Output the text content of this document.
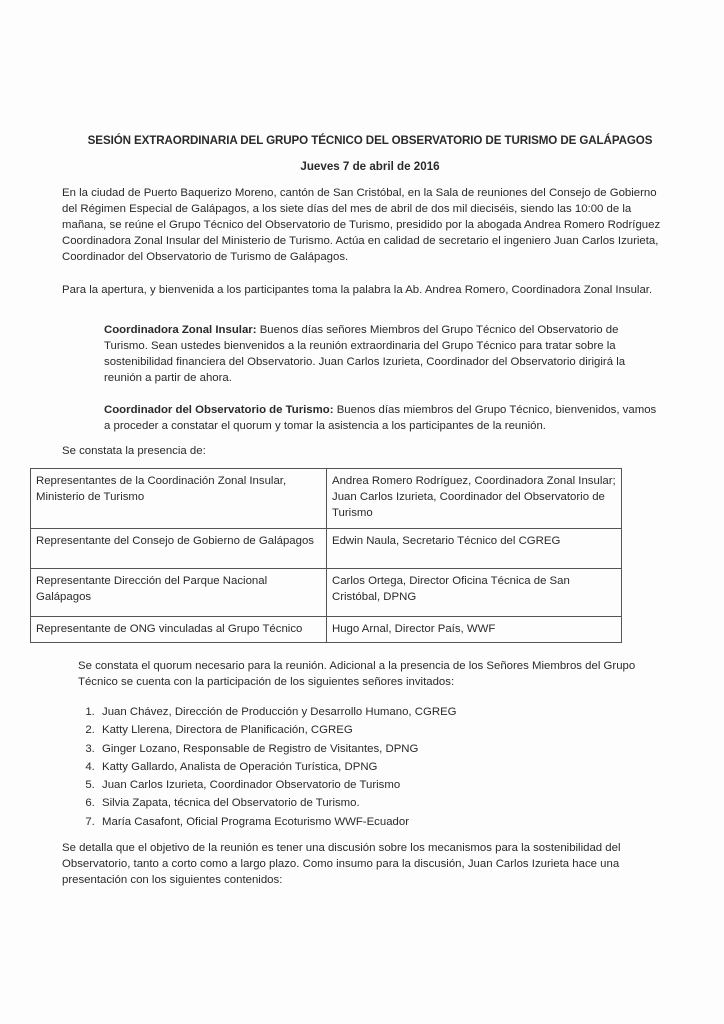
SESIÓN EXTRAORDINARIA DEL GRUPO TÉCNICO DEL OBSERVATORIO DE TURISMO DE GALÁPAGOS
Jueves 7 de abril de 2016

En la ciudad de Puerto Baquerizo Moreno, cantón de San Cristóbal, en la Sala de reuniones del Consejo de Gobierno del Régimen Especial de Galápagos, a los siete días del mes de abril de dos mil dieciséis, siendo las 10:00 de la mañana, se reúne el Grupo Técnico del Observatorio de Turismo, presidido por la abogada Andrea Romero Rodríguez Coordinadora Zonal Insular del Ministerio de Turismo. Actúa en calidad de secretario el ingeniero Juan Carlos Izurieta, Coordinador del Observatorio de Turismo de Galápagos.

Para la apertura, y bienvenida a los participantes toma la palabra la Ab. Andrea Romero, Coordinadora Zonal Insular.

Coordinadora Zonal Insular: Buenos días señores Miembros del Grupo Técnico del Observatorio de Turismo. Sean ustedes bienvenidos a la reunión extraordinaria del Grupo Técnico para tratar sobre la sostenibilidad financiera del Observatorio. Juan Carlos Izurieta, Coordinador del Observatorio dirigirá la reunión a partir de ahora.

Coordinador del Observatorio de Turismo: Buenos días miembros del Grupo Técnico, bienvenidos, vamos a proceder a constatar el quorum y tomar la asistencia a los participantes de la reunión.

Se constata la presencia de:

Representantes de la Coordinación Zonal Insular, Ministerio de Turismo	Andrea Romero Rodríguez, Coordinadora Zonal Insular; Juan Carlos Izurieta, Coordinador del Observatorio de Turismo
Representante del Consejo de Gobierno de Galápagos	Edwin Naula, Secretario Técnico del CGREG
Representante Dirección del Parque Nacional Galápagos	Carlos Ortega, Director Oficina Técnica de San Cristóbal, DPNG
Representante de ONG vinculadas al Grupo Técnico	Hugo Arnal, Director País, WWF

Se constata el quorum necesario para la reunión. Adicional a la presencia de los Señores Miembros del Grupo Técnico se cuenta con la participación de los siguientes señores invitados:

1. Juan Chávez, Dirección de Producción y Desarrollo Humano, CGREG
2. Katty Llerena, Directora de Planificación, CGREG
3. Ginger Lozano, Responsable de Registro de Visitantes, DPNG
4. Katty Gallardo, Analista de Operación Turística, DPNG
5. Juan Carlos Izurieta, Coordinador Observatorio de Turismo
6. Silvia Zapata, técnica del Observatorio de Turismo.
7. María Casafont, Oficial Programa Ecoturismo WWF-Ecuador

Se detalla que el objetivo de la reunión es tener una discusión sobre los mecanismos para la sostenibilidad del Observatorio, tanto a corto como a largo plazo. Como insumo para la discusión, Juan Carlos Izurieta hace una presentación con los siguientes contenidos:
